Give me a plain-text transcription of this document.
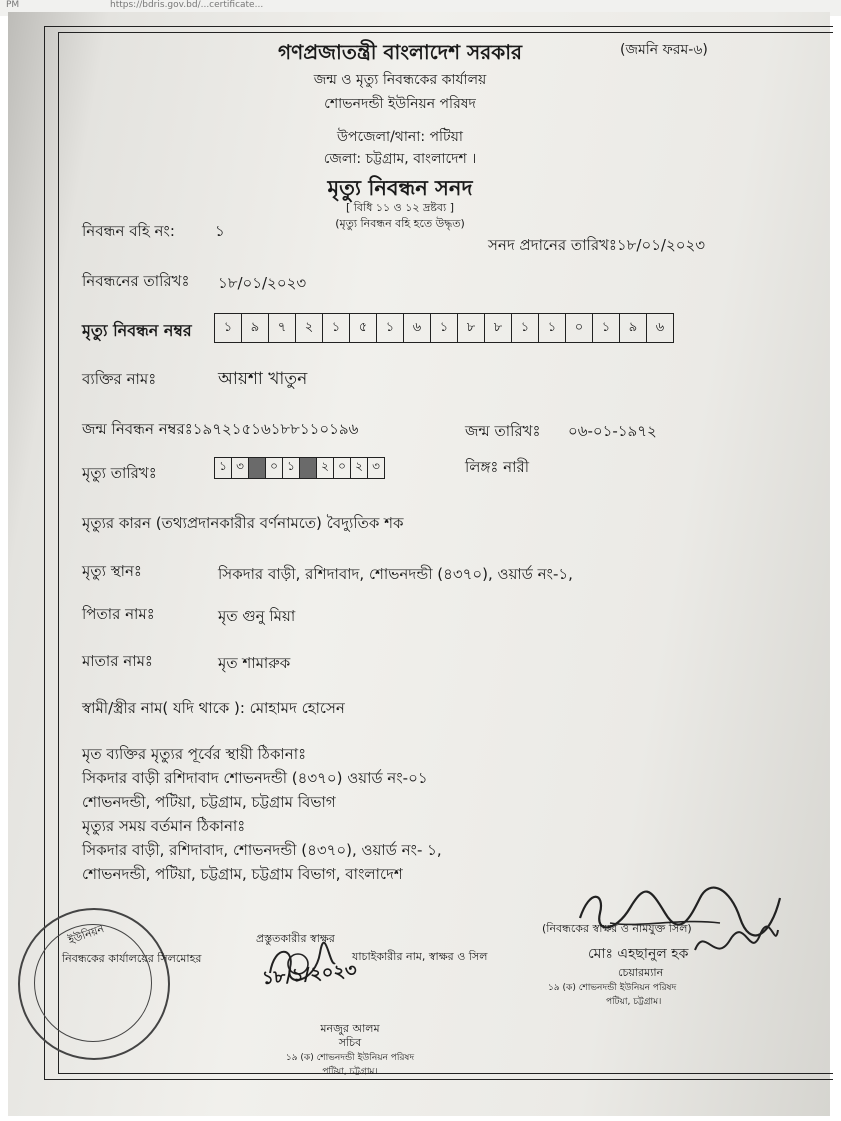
PM	https://bdris.gov.bd/...certificate...
গণপ্রজাতন্ত্রী বাংলাদেশ সরকার	(জমনি ফরম-৬)
জন্ম ও মৃত্যু নিবন্ধকের কার্যালয়
শোভনদন্ডী ইউনিয়ন পরিষদ
উপজেলা/থানা: পটিয়া
জেলা: চট্টগ্রাম, বাংলাদেশ ।
মৃত্যু নিবন্ধন সনদ
[ বিধি ১১ ও ১২ দ্রষ্টব্য ]
(মৃত্যু নিবন্ধন বহি হতে উদ্ধৃত)
নিবন্ধন বহি নং:	১
সনদ প্রদানের তারিখঃ১৮/০১/২০২৩
নিবন্ধনের তারিখঃ ১৮/০১/২০২৩
মৃত্যু নিবন্ধন নম্বর	১	৯	৭	২	১	৫	১	৬	১	৮	৮	১	১	০	১	৯	৬
ব্যক্তির নামঃ	আয়শা খাতুন
জন্ম নিবন্ধন নম্বরঃ১৯৭২১৫১৬১৮৮১১০১৯৬	জন্ম তারিখঃ ০৬-০১-১৯৭২
মৃত্যু তারিখঃ	১ ৩	০ ১	২ ০ ২ ৩	লিঙ্গঃ নারী
মৃত্যুর কারন (তথ্যপ্রদানকারীর বর্ণনামতে) বৈদ্যুতিক শক
মৃত্যু স্থানঃ	সিকদার বাড়ী, রশিদাবাদ, শোভনদন্ডী (৪৩৭০), ওয়ার্ড নং-১,
পিতার নামঃ	মৃত গুনু মিয়া
মাতার নামঃ	মৃত শামারুক
স্বামী/স্ত্রীর নাম( যদি থাকে ): মোহামদ হোসেন
মৃত ব্যক্তির মৃত্যুর পূর্বের স্থায়ী ঠিকানাঃ
সিকদার বাড়ী রশিদাবাদ শোভনদন্ডী (৪৩৭০) ওয়ার্ড নং-০১
শোভনদন্ডী, পটিয়া, চট্টগ্রাম, চট্টগ্রাম বিভাগ
মৃত্যুর সময় বর্তমান ঠিকানাঃ
সিকদার বাড়ী, রশিদাবাদ, শোভনদন্ডী (৪৩৭০), ওয়ার্ড নং- ১,
শোভনদন্ডী, পটিয়া, চট্টগ্রাম, চট্টগ্রাম বিভাগ, বাংলাদেশ
(নিবন্ধকের স্বাক্ষর ও নামযুক্ত সিল)
মোঃ এহছানুল হক
চেয়ারম্যান
১৯ (ক) শোভনদন্ডী ইউনিয়ন পরিষদ
পটিয়া, চট্টগ্রাম।
ইউনিয়ন	প্রস্তুতকারীর স্বাক্ষর
নিবন্ধকের কার্যালয়ের সিলমোহর
১৮/১/২০২৩
যাচাইকারীর নাম, স্বাক্ষর ও সিল
মনজুর আলম
সচিব
১৯ (ক) শোভনদন্ডী ইউনিয়ন পরিষদ
পটিয়া, চট্টগ্রাম।
